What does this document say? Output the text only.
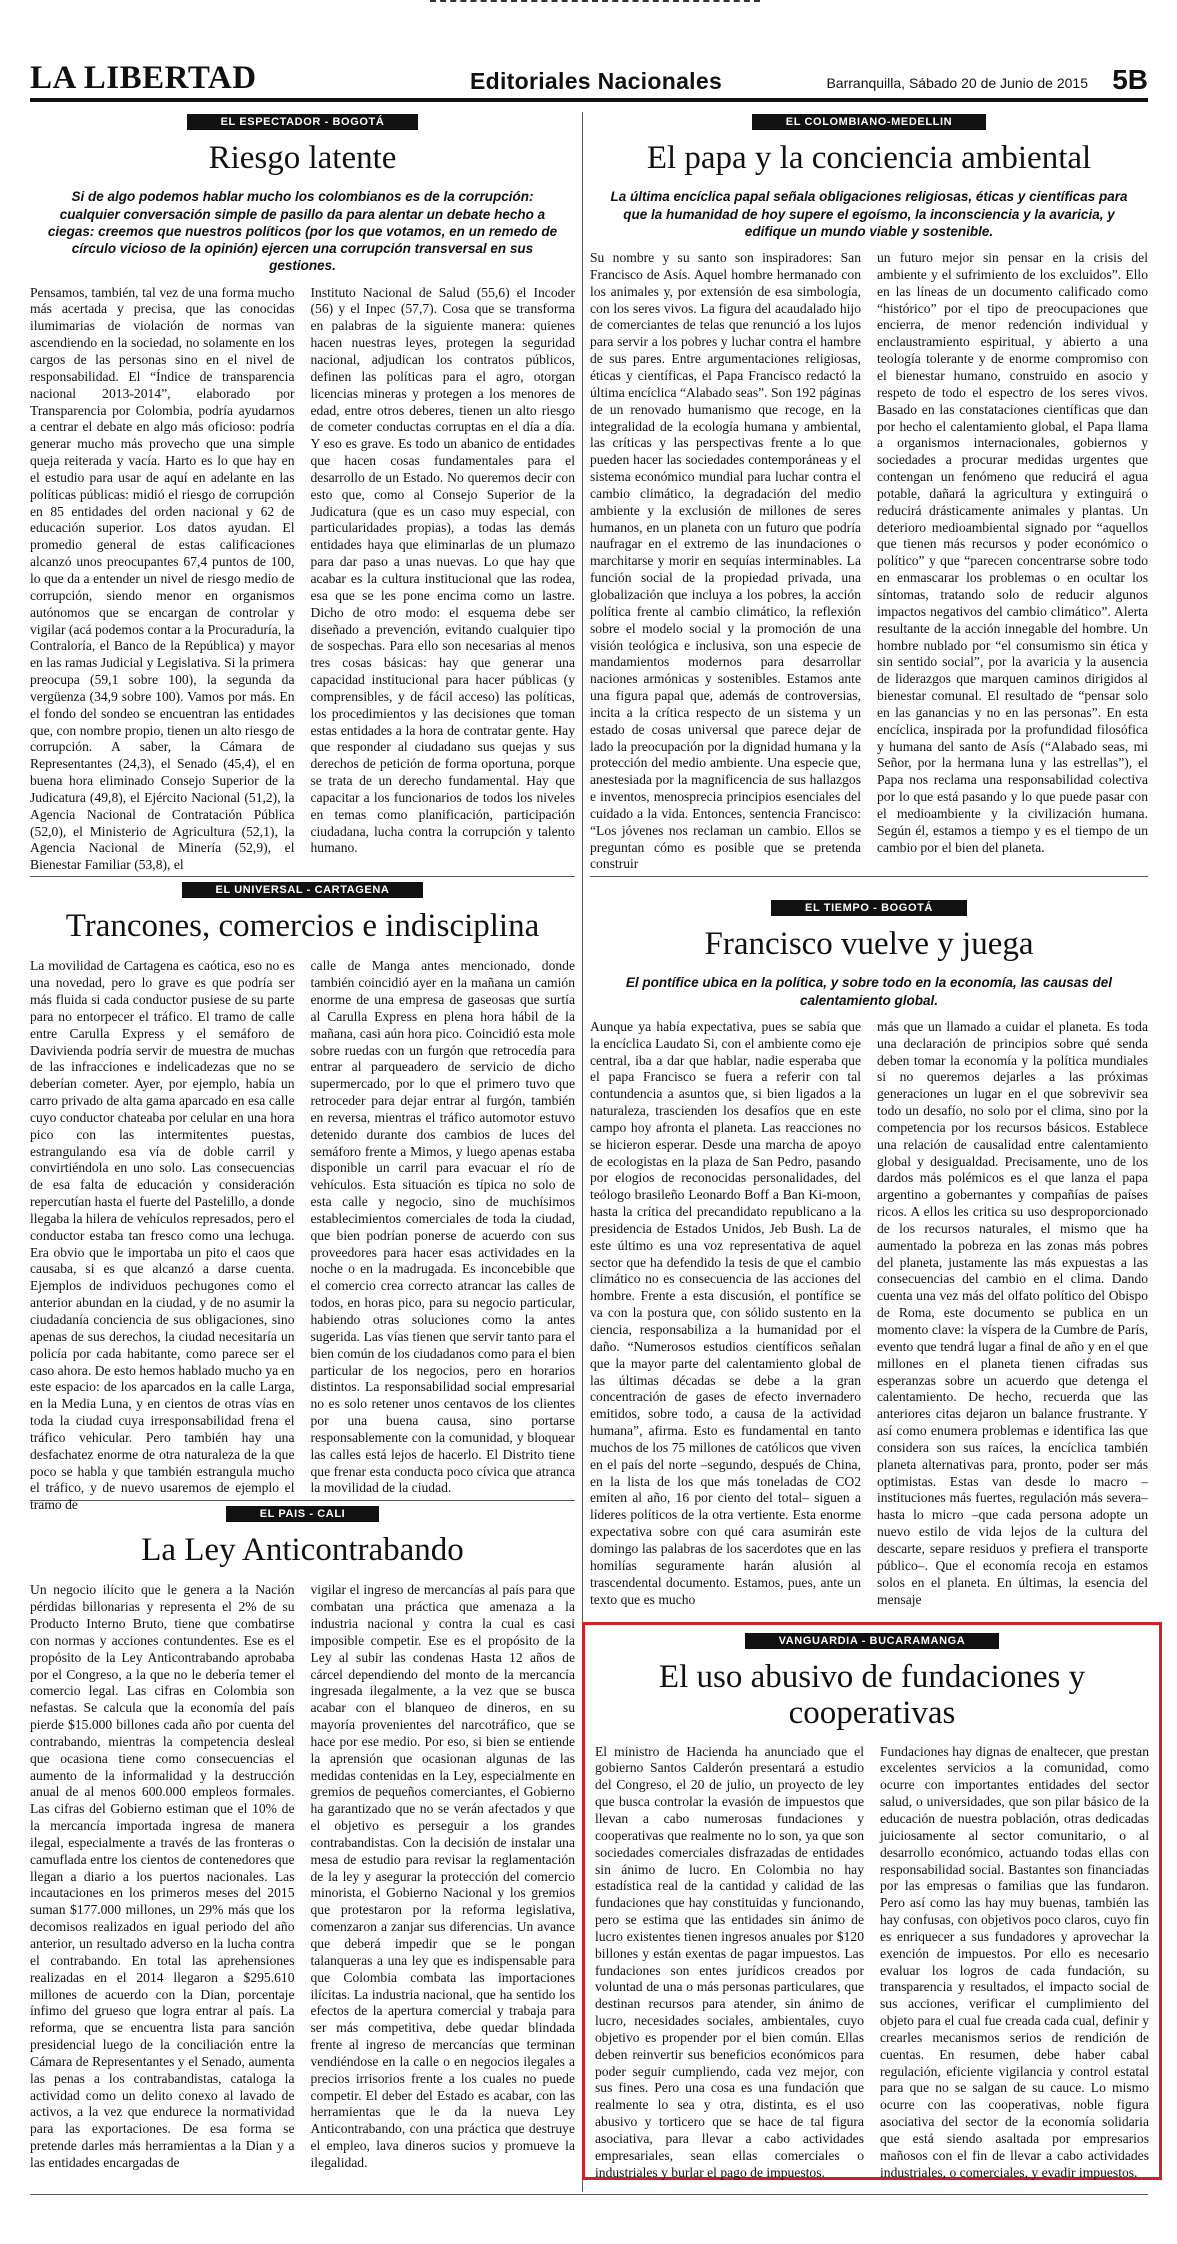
LA LIBERTAD	Editoriales Nacionales	Barranquilla, Sábado 20 de Junio de 2015 5B
EL ESPECTADOR - BOGOTÁ
Riesgo latente
Si de algo podemos hablar mucho los colombianos es de la corrupción: cualquier conversación simple de pasillo da para alentar un debate hecho a ciegas: creemos que nuestros políticos (por los que votamos, en un remedo de círculo vicioso de la opinión) ejercen una corrupción transversal en sus gestiones.
Pensamos, también, tal vez de una forma mucho más acertada y precisa, que las conocidas ilumimarias de violación de normas van ascendiendo en la sociedad, no solamente en los cargos de las personas sino en el nivel de responsabilidad. El “Índice de transparencia nacional 2013-2014”, elaborado por Transparencia por Colombia, podría ayudarnos a centrar el debate en algo más oficioso: podría generar mucho más provecho que una simple queja reiterada y vacía. Harto es lo que hay en el estudio para usar de aquí en adelante en las políticas públicas: midió el riesgo de corrupción en 85 entidades del orden nacional y 62 de educación superior. Los datos ayudan. El promedio general de estas calificaciones alcanzó unos preocupantes 67,4 puntos de 100, lo que da a entender un nivel de riesgo medio de corrupción, siendo menor en organismos autónomos que se encargan de controlar y vigilar (acá podemos contar a la Procuraduría, la Contraloría, el Banco de la República) y mayor en las ramas Judicial y Legislativa. Si la primera preocupa (59,1 sobre 100), la segunda da vergüenza (34,9 sobre 100). Vamos por más. En el fondo del sondeo se encuentran las entidades que, con nombre propio, tienen un alto riesgo de corrupción. A saber, la Cámara de Representantes (24,3), el Senado (45,4), el en buena hora eliminado Consejo Superior de la Judicatura (49,8), el Ejército Nacional (51,2), la Agencia Nacional de Contratación Pública (52,0), el Ministerio de Agricultura (52,1), la Agencia Nacional de Minería (52,9), el Bienestar Familiar (53,8), el
Instituto Nacional de Salud (55,6) el Incoder (56) y el Inpec (57,7). Cosa que se transforma en palabras de la siguiente manera: quienes hacen nuestras leyes, protegen la seguridad nacional, adjudican los contratos públicos, definen las políticas para el agro, otorgan licencias mineras y protegen a los menores de edad, entre otros deberes, tienen un alto riesgo de cometer conductas corruptas en el día a día. Y eso es grave. Es todo un abanico de entidades que hacen cosas fundamentales para el desarrollo de un Estado. No queremos decir con esto que, como al Consejo Superior de la Judicatura (que es un caso muy especial, con particularidades propias), a todas las demás entidades haya que eliminarlas de un plumazo para dar paso a unas nuevas. Lo que hay que acabar es la cultura institucional que las rodea, esa que se les pone encima como un lastre. Dicho de otro modo: el esquema debe ser diseñado a prevención, evitando cualquier tipo de sospechas. Para ello son necesarias al menos tres cosas básicas: hay que generar una capacidad institucional para hacer públicas (y comprensibles, y de fácil acceso) las políticas, los procedimientos y las decisiones que toman estas entidades a la hora de contratar gente. Hay que responder al ciudadano sus quejas y sus derechos de petición de forma oportuna, porque se trata de un derecho fundamental. Hay que capacitar a los funcionarios de todos los niveles en temas como planificación, participación ciudadana, lucha contra la corrupción y talento humano.
EL COLOMBIANO-MEDELLIN
El papa y la conciencia ambiental
La última encíclica papal señala obligaciones religiosas, éticas y científicas para que la humanidad de hoy supere el egoísmo, la inconsciencia y la avaricia, y edifique un mundo viable y sostenible.
Su nombre y su santo son inspiradores: San Francisco de Asís. Aquel hombre hermanado con los animales y, por extensión de esa simbología, con los seres vivos. La figura del acaudalado hijo de comerciantes de telas que renunció a los lujos para servir a los pobres y luchar contra el hambre de sus pares. Entre argumentaciones religiosas, éticas y científicas, el Papa Francisco redactó la última encíclica “Alabado seas”. Son 192 páginas de un renovado humanismo que recoge, en la integralidad de la ecología humana y ambiental, las críticas y las perspectivas frente a lo que pueden hacer las sociedades contemporáneas y el sistema económico mundial para luchar contra el cambio climático, la degradación del medio ambiente y la exclusión de millones de seres humanos, en un planeta con un futuro que podría naufragar en el extremo de las inundaciones o marchitarse y morir en sequías interminables. La función social de la propiedad privada, una globalización que incluya a los pobres, la acción política frente al cambio climático, la reflexión sobre el modelo social y la promoción de una visión teológica e inclusiva, son una especie de mandamientos modernos para desarrollar naciones armónicas y sostenibles. Estamos ante una figura papal que, además de controversias, incita a la crítica respecto de un sistema y un estado de cosas universal que parece dejar de lado la preocupación por la dignidad humana y la protección del medio ambiente. Una especie que, anestesiada por la magnificencia de sus hallazgos e inventos, menosprecia principios esenciales del cuidado a la vida. Entonces, sentencia Francisco: “Los jóvenes nos reclaman un cambio. Ellos se preguntan cómo es posible que se pretenda construir
un futuro mejor sin pensar en la crisis del ambiente y el sufrimiento de los excluidos”. Ello en las líneas de un documento calificado como “histórico” por el tipo de preocupaciones que encierra, de menor redención individual y enclaustramiento espiritual, y abierto a una teología tolerante y de enorme compromiso con el bienestar humano, construido en asocio y respeto de todo el espectro de los seres vivos. Basado en las constataciones científicas que dan por hecho el calentamiento global, el Papa llama a organismos internacionales, gobiernos y sociedades a procurar medidas urgentes que contengan un fenómeno que reducirá el agua potable, dañará la agricultura y extinguirá o reducirá drásticamente animales y plantas. Un deterioro medioambiental signado por “aquellos que tienen más recursos y poder económico o político” y que “parecen concentrarse sobre todo en enmascarar los problemas o en ocultar los síntomas, tratando solo de reducir algunos impactos negativos del cambio climático”. Alerta resultante de la acción innegable del hombre. Un hombre nublado por “el consumismo sin ética y sin sentido social”, por la avaricia y la ausencia de liderazgos que marquen caminos dirigidos al bienestar comunal. El resultado de “pensar solo en las ganancias y no en las personas”. En esta encíclica, inspirada por la profundidad filosófica y humana del santo de Asís (“Alabado seas, mi Señor, por la hermana luna y las estrellas”), el Papa nos reclama una responsabilidad colectiva por lo que está pasando y lo que puede pasar con el medioambiente y la civilización humana. Según él, estamos a tiempo y es el tiempo de un cambio por el bien del planeta.
EL UNIVERSAL - CARTAGENA
Trancones, comercios e indisciplina
La movilidad de Cartagena es caótica, eso no es una novedad, pero lo grave es que podría ser más fluida si cada conductor pusiese de su parte para no entorpecer el tráfico. El tramo de calle entre Carulla Express y el semáforo de Davivienda podría servir de muestra de muchas de las infracciones e indelicadezas que no se deberían cometer. Ayer, por ejemplo, había un carro privado de alta gama aparcado en esa calle cuyo conductor chateaba por celular en una hora pico con las intermitentes puestas, estrangulando esa vía de doble carril y convirtiéndola en uno solo. Las consecuencias de esa falta de educación y consideración repercutían hasta el fuerte del Pastelillo, a donde llegaba la hilera de vehículos represados, pero el conductor estaba tan fresco como una lechuga. Era obvio que le importaba un pito el caos que causaba, si es que alcanzó a darse cuenta. Ejemplos de individuos pechugones como el anterior abundan en la ciudad, y de no asumir la ciudadanía conciencia de sus obligaciones, sino apenas de sus derechos, la ciudad necesitaría un policía por cada habitante, como parece ser el caso ahora. De esto hemos hablado mucho ya en este espacio: de los aparcados en la calle Larga, en la Media Luna, y en cientos de otras vías en toda la ciudad cuya irresponsabilidad frena el tráfico vehicular. Pero también hay una desfachatez enorme de otra naturaleza de la que poco se habla y que también estrangula mucho el tráfico, y de nuevo usaremos de ejemplo el tramo de
calle de Manga antes mencionado, donde también coincidió ayer en la mañana un camión enorme de una empresa de gaseosas que surtía al Carulla Express en plena hora hábil de la mañana, casi aún hora pico. Coincidió esta mole sobre ruedas con un furgón que retrocedía para entrar al parqueadero de servicio de dicho supermercado, por lo que el primero tuvo que retroceder para dejar entrar al furgón, también en reversa, mientras el tráfico automotor estuvo detenido durante dos cambios de luces del semáforo frente a Mimos, y luego apenas estaba disponible un carril para evacuar el río de vehículos. Esta situación es típica no solo de esta calle y negocio, sino de muchísimos establecimientos comerciales de toda la ciudad, que bien podrían ponerse de acuerdo con sus proveedores para hacer esas actividades en la noche o en la madrugada. Es inconcebible que el comercio crea correcto atrancar las calles de todos, en horas pico, para su negocio particular, habiendo otras soluciones como la antes sugerida. Las vías tienen que servir tanto para el bien común de los ciudadanos como para el bien particular de los negocios, pero en horarios distintos. La responsabilidad social empresarial no es solo retener unos centavos de los clientes por una buena causa, sino portarse responsablemente con la comunidad, y bloquear las calles está lejos de hacerlo. El Distrito tiene que frenar esta conducta poco cívica que atranca la movilidad de la ciudad.
EL TIEMPO - BOGOTÁ
Francisco vuelve y juega
El pontífice ubica en la política, y sobre todo en la economía, las causas del calentamiento global.
Aunque ya había expectativa, pues se sabía que la encíclica Laudato Si, con el ambiente como eje central, iba a dar que hablar, nadie esperaba que el papa Francisco se fuera a referir con tal contundencia a asuntos que, si bien ligados a la naturaleza, trascienden los desafíos que en este campo hoy afronta el planeta. Las reacciones no se hicieron esperar. Desde una marcha de apoyo de ecologistas en la plaza de San Pedro, pasando por elogios de reconocidas personalidades, del teólogo brasileño Leonardo Boff a Ban Ki-moon, hasta la crítica del precandidato republicano a la presidencia de Estados Unidos, Jeb Bush. La de este último es una voz representativa de aquel sector que ha defendido la tesis de que el cambio climático no es consecuencia de las acciones del hombre. Frente a esta discusión, el pontífice se va con la postura que, con sólido sustento en la ciencia, responsabiliza a la humanidad por el daño. “Numerosos estudios científicos señalan que la mayor parte del calentamiento global de las últimas décadas se debe a la gran concentración de gases de efecto invernadero emitidos, sobre todo, a causa de la actividad humana”, afirma. Esto es fundamental en tanto muchos de los 75 millones de católicos que viven en el país del norte –segundo, después de China, en la lista de los que más toneladas de CO2 emiten al año, 16 por ciento del total– siguen a líderes políticos de la otra vertiente. Esta enorme expectativa sobre con qué cara asumirán este domingo las palabras de los sacerdotes que en las homilías seguramente harán alusión al trascendental documento. Estamos, pues, ante un texto que es mucho
más que un llamado a cuidar el planeta. Es toda una declaración de principios sobre qué senda deben tomar la economía y la política mundiales si no queremos dejarles a las próximas generaciones un lugar en el que sobrevivir sea todo un desafío, no solo por el clima, sino por la competencia por los recursos básicos. Establece una relación de causalidad entre calentamiento global y desigualdad. Precisamente, uno de los dardos más polémicos es el que lanza el papa argentino a gobernantes y compañías de países ricos. A ellos les critica su uso desproporcionado de los recursos naturales, el mismo que ha aumentado la pobreza en las zonas más pobres del planeta, justamente las más expuestas a las consecuencias del cambio en el clima. Dando cuenta una vez más del olfato político del Obispo de Roma, este documento se publica en un momento clave: la víspera de la Cumbre de París, evento que tendrá lugar a final de año y en el que millones en el planeta tienen cifradas sus esperanzas sobre un acuerdo que detenga el calentamiento. De hecho, recuerda que las anteriores citas dejaron un balance frustrante. Y así como enumera problemas e identifica las que considera son sus raíces, la encíclica también planeta alternativas para, pronto, poder ser más optimistas. Estas van desde lo macro –instituciones más fuertes, regulación más severa– hasta lo micro –que cada persona adopte un nuevo estilo de vida lejos de la cultura del descarte, separe residuos y prefiera el transporte público–. Que el economía recoja en estamos solos en el planeta. En últimas, la esencia del mensaje
EL PAIS - CALI
La Ley Anticontrabando
Un negocio ilícito que le genera a la Nación pérdidas billonarias y representa el 2% de su Producto Interno Bruto, tiene que combatirse con normas y acciones contundentes. Ese es el propósito de la Ley Anticontrabando aprobaba por el Congreso, a la que no le debería temer el comercio legal. Las cifras en Colombia son nefastas. Se calcula que la economía del país pierde $15.000 billones cada año por cuenta del contrabando, mientras la competencia desleal que ocasiona tiene como consecuencias el aumento de la informalidad y la destrucción anual de al menos 600.000 empleos formales. Las cifras del Gobierno estiman que el 10% de la mercancía importada ingresa de manera ilegal, especialmente a través de las fronteras o camuflada entre los cientos de contenedores que llegan a diario a los puertos nacionales. Las incautaciones en los primeros meses del 2015 suman $177.000 millones, un 29% más que los decomisos realizados en igual periodo del año anterior, un resultado adverso en la lucha contra el contrabando. En total las aprehensiones realizadas en el 2014 llegaron a $295.610 millones de acuerdo con la Dian, porcentaje ínfimo del grueso que logra entrar al país. La reforma, que se encuentra lista para sanción presidencial luego de la conciliación entre la Cámara de Representantes y el Senado, aumenta las penas a los contrabandistas, cataloga la actividad como un delito conexo al lavado de activos, a la vez que endurece la normatividad para las exportaciones. De esa forma se pretende darles más herramientas a la Dian y a las entidades encargadas de
vigilar el ingreso de mercancías al país para que combatan una práctica que amenaza a la industria nacional y contra la cual es casi imposible competir. Ese es el propósito de la Ley al subir las condenas Hasta 12 años de cárcel dependiendo del monto de la mercancía ingresada ilegalmente, a la vez que se busca acabar con el blanqueo de dineros, en su mayoría provenientes del narcotráfico, que se hace por ese medio. Por eso, si bien se entiende la aprensión que ocasionan algunas de las medidas contenidas en la Ley, especialmente en gremios de pequeños comerciantes, el Gobierno ha garantizado que no se verán afectados y que el objetivo es perseguir a los grandes contrabandistas. Con la decisión de instalar una mesa de estudio para revisar la reglamentación de la ley y asegurar la protección del comercio minorista, el Gobierno Nacional y los gremios que protestaron por la reforma legislativa, comenzaron a zanjar sus diferencias. Un avance que deberá impedir que se le pongan talanqueras a una ley que es indispensable para que Colombia combata las importaciones ilícitas. La industria nacional, que ha sentido los efectos de la apertura comercial y trabaja para ser más competitiva, debe quedar blindada frente al ingreso de mercancías que terminan vendiéndose en la calle o en negocios ilegales a precios irrisorios frente a los cuales no puede competir. El deber del Estado es acabar, con las herramientas que le da la nueva Ley Anticontrabando, con una práctica que destruye el empleo, lava dineros sucios y promueve la ilegalidad.
VANGUARDIA - BUCARAMANGA
El uso abusivo de fundaciones y cooperativas
El ministro de Hacienda ha anunciado que el gobierno Santos Calderón presentará a estudio del Congreso, el 20 de julio, un proyecto de ley que busca controlar la evasión de impuestos que llevan a cabo numerosas fundaciones y cooperativas que realmente no lo son, ya que son sociedades comerciales disfrazadas de entidades sin ánimo de lucro. En Colombia no hay estadística real de la cantidad y calidad de las fundaciones que hay constituidas y funcionando, pero se estima que las entidades sin ánimo de lucro existentes tienen ingresos anuales por $120 billones y están exentas de pagar impuestos. Las fundaciones son entes jurídicos creados por voluntad de una o más personas particulares, que destinan recursos para atender, sin ánimo de lucro, necesidades sociales, ambientales, cuyo objetivo es propender por el bien común. Ellas deben reinvertir sus beneficios económicos para poder seguir cumpliendo, cada vez mejor, con sus fines. Pero una cosa es una fundación que realmente lo sea y otra, distinta, es el uso abusivo y torticero que se hace de tal figura asociativa, para llevar a cabo actividades empresariales, sean ellas comerciales o industriales y burlar el pago de impuestos.
Fundaciones hay dignas de enaltecer, que prestan excelentes servicios a la comunidad, como ocurre con importantes entidades del sector salud, o universidades, que son pilar básico de la educación de nuestra población, otras dedicadas juiciosamente al sector comunitario, o al desarrollo económico, actuando todas ellas con responsabilidad social. Bastantes son financiadas por las empresas o familias que las fundaron. Pero así como las hay muy buenas, también las hay confusas, con objetivos poco claros, cuyo fin es enriquecer a sus fundadores y aprovechar la exención de impuestos. Por ello es necesario evaluar los logros de cada fundación, su transparencia y resultados, el impacto social de sus acciones, verificar el cumplimiento del objeto para el cual fue creada cada cual, definir y crearles mecanismos serios de rendición de cuentas. En resumen, debe haber cabal regulación, eficiente vigilancia y control estatal para que no se salgan de su cauce. Lo mismo ocurre con las cooperativas, noble figura asociativa del sector de la economía solidaria que está siendo asaltada por empresarios mañosos con el fin de llevar a cabo actividades industriales, o comerciales, y evadir impuestos.
